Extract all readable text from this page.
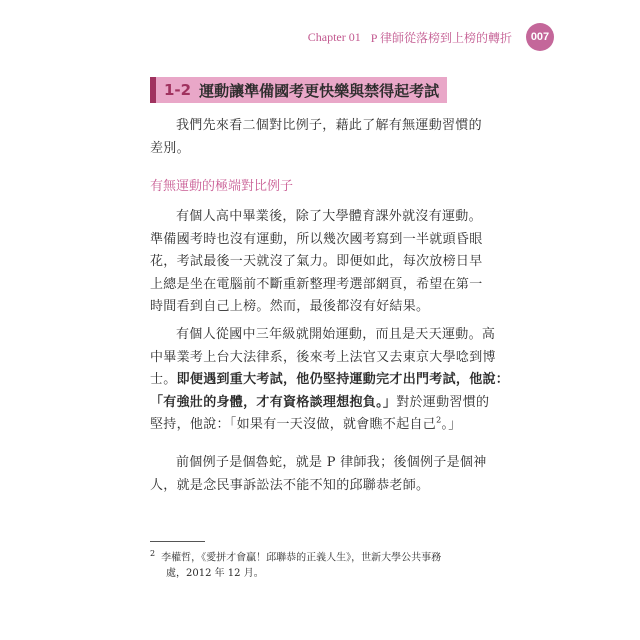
Chapter 01 P 律師從落榜到上榜的轉折	007
1-2 運動讓準備國考更快樂與禁得起考試
我們先來看二個對比例子，藉此了解有無運動習慣的
差別。
有無運動的極端對比例子
有個人高中畢業後，除了大學體育課外就沒有運動。
準備國考時也沒有運動，所以幾次國考寫到一半就頭昏眼
花，考試最後一天就沒了氣力。即便如此，每次放榜日早
上總是坐在電腦前不斷重新整理考選部網頁，希望在第一
時間看到自己上榜。然而，最後都沒有好結果。
有個人從國中三年級就開始運動，而且是天天運動。高
中畢業考上台大法律系，後來考上法官又去東京大學唸到博
士。即便遇到重大考試，他仍堅持運動完才出門考試，他說：
「有強壯的身體，才有資格談理想抱負。」對於運動習慣的
堅持，他說：「如果有一天沒做，就會瞧不起自己$^2$。」
前個例子是個魯蛇，就是 P 律師我；後個例子是個神
人，就是念民事訴訟法不能不知的邱聯恭老師。
$^2$ 李權哲，《愛拼才會贏！邱聯恭的正義人生》，世新大學公共事務
處，2012 年 12 月。
